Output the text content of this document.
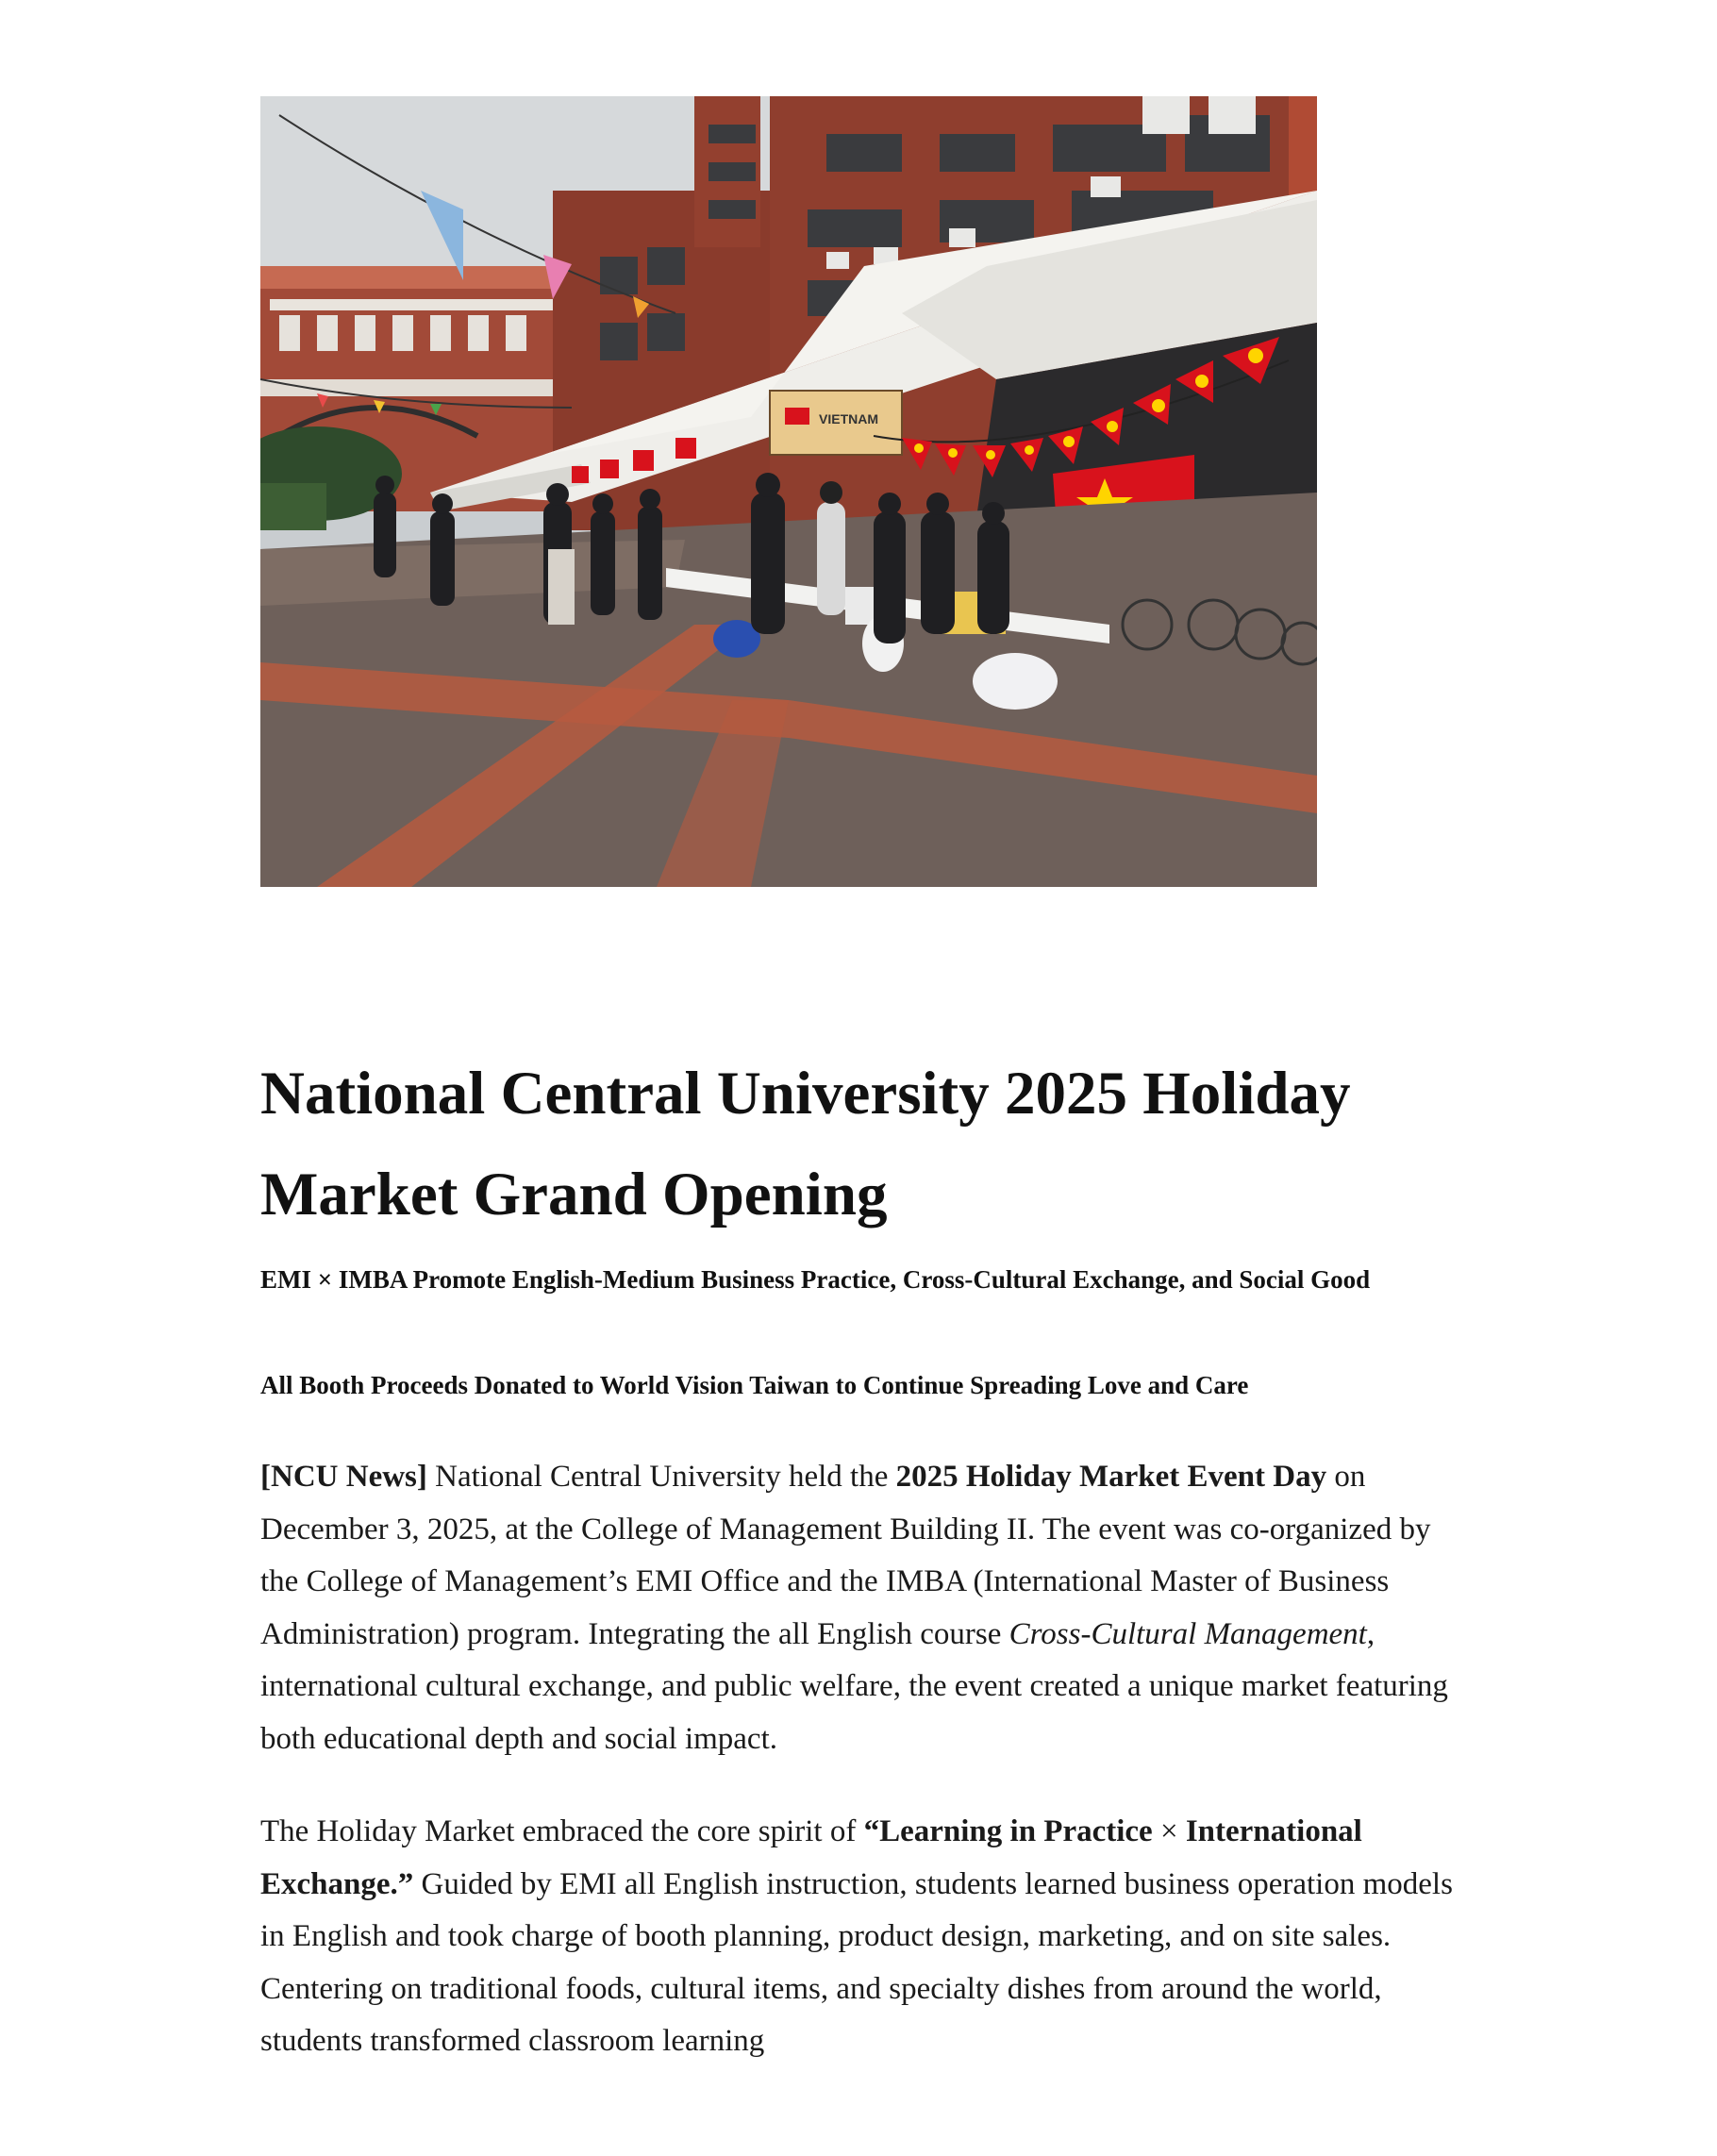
VIETNAM
National Central University 2025 Holiday
Market Grand Opening

EMI × IMBA Promote English-Medium Business Practice, Cross-Cultural Exchange, and Social Good

All Booth Proceeds Donated to World Vision Taiwan to Continue Spreading Love and Care

[NCU News] National Central University held the 2025 Holiday Market Event Day on December 3, 2025, at the College of Management Building II. The event was co-organized by the College of Management’s EMI Office and the IMBA (International Master of Business Administration) program. Integrating the all English course Cross-Cultural Management, international cultural exchange, and public welfare, the event created a unique market featuring both educational depth and social impact.

The Holiday Market embraced the core spirit of “Learning in Practice × International Exchange.” Guided by EMI all English instruction, students learned business operation models in English and took charge of booth planning, product design, marketing, and on site sales. Centering on traditional foods, cultural items, and specialty dishes from around the world, students transformed classroom learning
